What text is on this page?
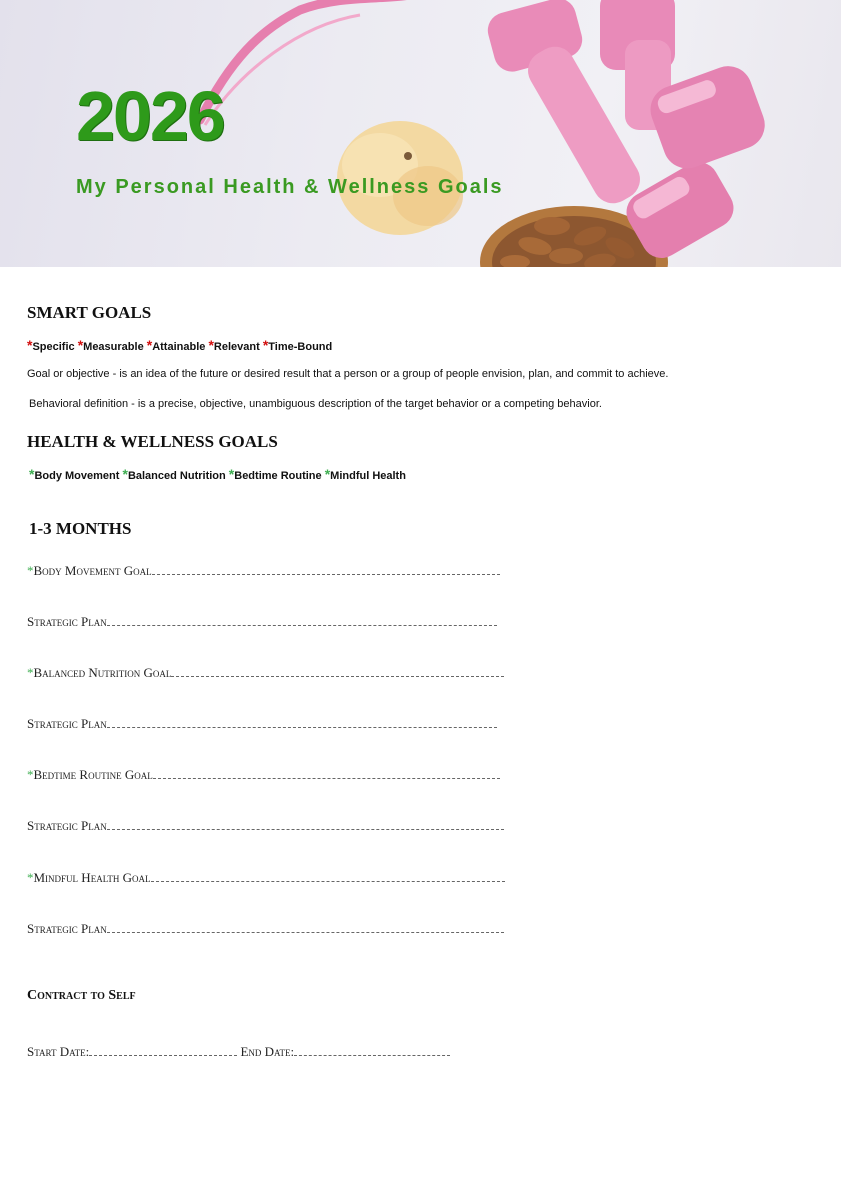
2026
My Personal Health & Wellness Goals
SMART GOALS
*Specific *Measurable *Attainable *Relevant *Time-Bound
Goal or objective - is an idea of the future or desired result that a person or a group of people envision, plan, and commit to achieve.
Behavioral definition - is a precise, objective, unambiguous description of the target behavior or a competing behavior.
HEALTH & WELLNESS GOALS
*Body Movement *Balanced Nutrition *Bedtime Routine *Mindful Health
1-3 MONTHS
*Body Movement Goal
Strategic Plan
*Balanced Nutrition Goal
Strategic Plan
*Bedtime Routine Goal
Strategic Plan
*Mindful Health Goal
Strategic Plan
Contract to Self
Start Date:	End Date:
